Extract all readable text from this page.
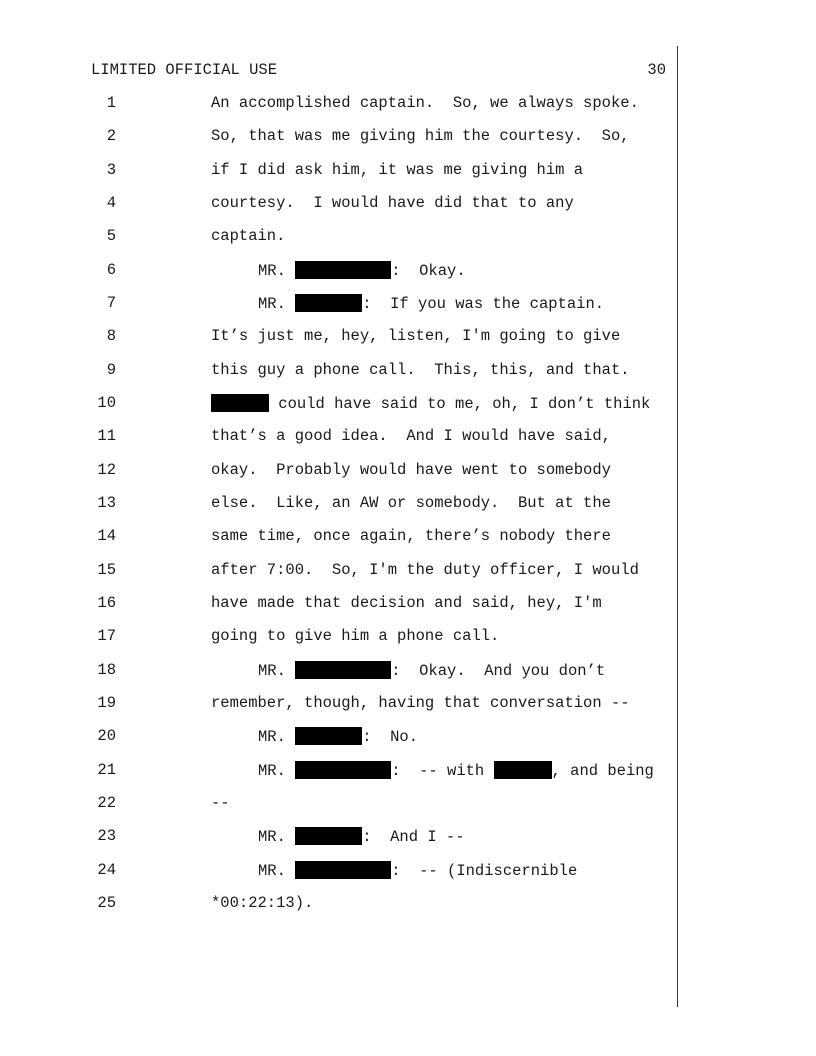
LIMITED OFFICIAL USE	30
1	An accomplished captain.  So, we always spoke.
2	So, that was me giving him the courtesy.  So,
3	if I did ask him, it was me giving him a
4	courtesy.  I would have did that to any
5	captain.
6	MR.	:  Okay.
7	MR.	:  If you was the captain.
8	It’s just me, hey, listen, I'm going to give
9	this guy a phone call.  This, this, and that.
10	could have said to me, oh, I don’t think
11	that’s a good idea.  And I would have said,
12	okay.  Probably would have went to somebody
13	else.  Like, an AW or somebody.  But at the
14	same time, once again, there’s nobody there
15	after 7:00.  So, I'm the duty officer, I would
16	have made that decision and said, hey, I'm
17	going to give him a phone call.
18	MR.	:  Okay.  And you don’t
19	remember, though, having that conversation --
20	MR.	:  No.
21	MR.	:  -- with	, and being
22	--
23	MR.	:  And I --
24	MR.	:  -- (Indiscernible
25	*00:22:13).
